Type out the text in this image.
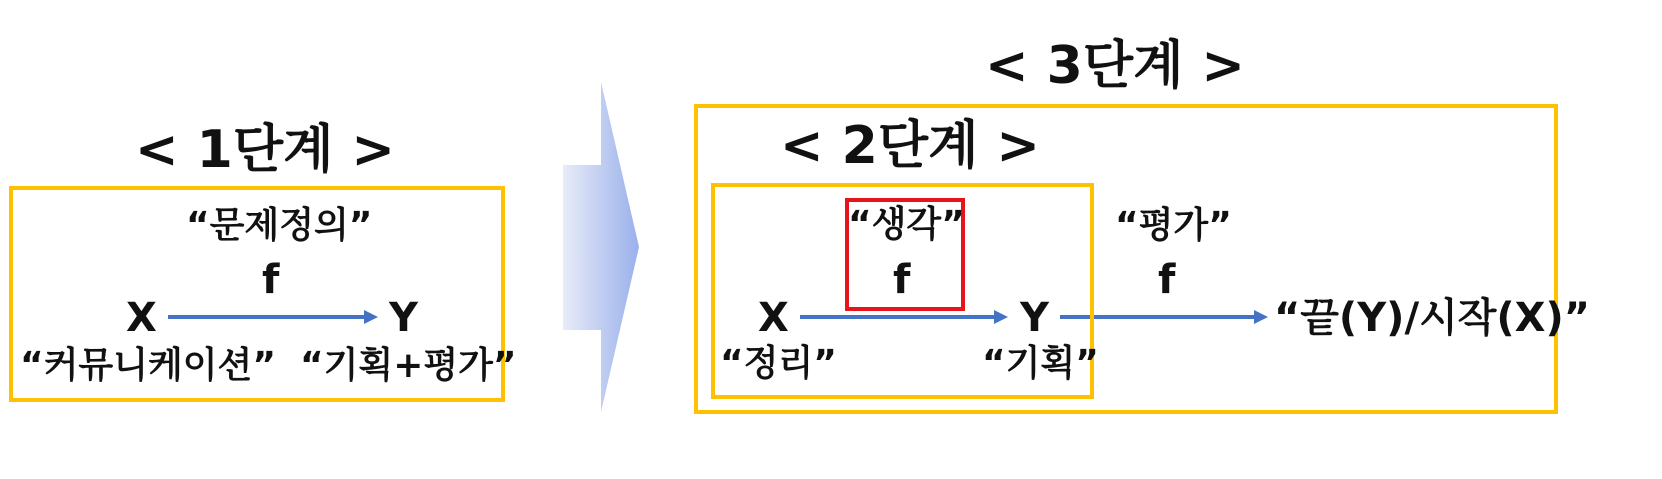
< 1단계 >
“문제정의”
f
X	Y
“커뮤니케이션” “기획+평가”
< 3단계 >
< 2단계 >
“생각”
f
X	Y
“정리”	“기획”
“평가”
f
“끝(Y)/시작(X)”
